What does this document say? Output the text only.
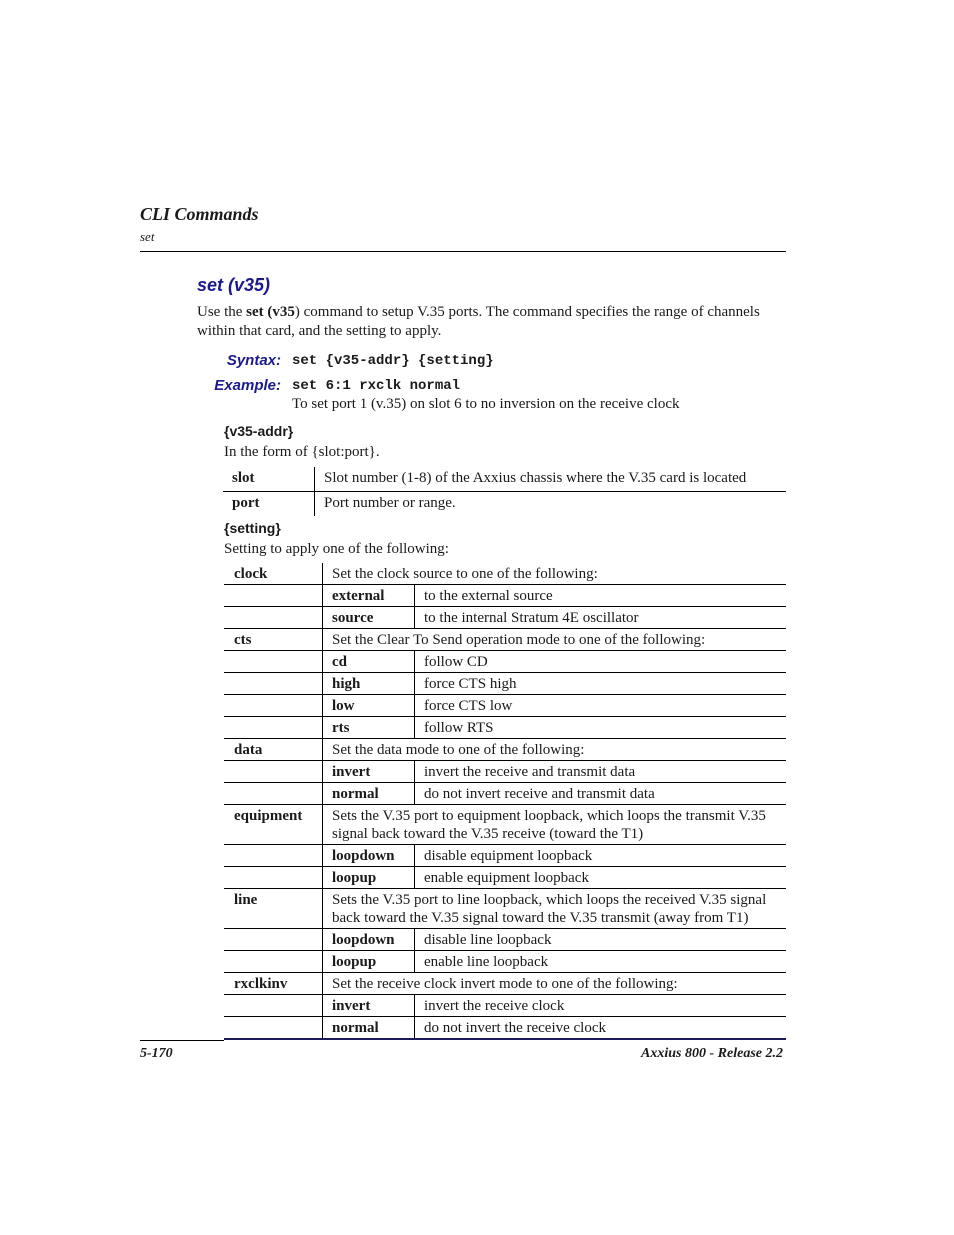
CLI Commands
set
set (v35)
Use the set (v35) command to setup V.35 ports. The command specifies the range of channels within that card, and the setting to apply.
Syntax: set {v35-addr} {setting}
Example: set 6:1 rxclk normal
To set port 1 (v.35) on slot 6 to no inversion on the receive clock
{v35-addr}
In the form of {slot:port}.
slot	Slot number (1-8) of the Axxius chassis where the V.35 card is located
port	Port number or range.
{setting}
Setting to apply one of the following:
clock	Set the clock source to one of the following:	
	external	to the external source
	source	to the internal Stratum 4E oscillator
cts	Set the Clear To Send operation mode to one of the following:	
	cd	follow CD
	high	force CTS high
	low	force CTS low
	rts	follow RTS
data	Set the data mode to one of the following:	
	invert	invert the receive and transmit data
	normal	do not invert receive and transmit data
equipment	Sets the V.35 port to equipment loopback, which loops the transmit V.35 signal back toward the V.35 receive (toward the T1)	
	loopdown	disable equipment loopback
	loopup	enable equipment loopback
line	Sets the V.35 port to line loopback, which loops the received V.35 signal back toward the V.35 signal toward the V.35 transmit (away from T1)	
	loopdown	disable line loopback
	loopup	enable line loopback
rxclkinv	Set the receive clock invert mode to one of the following:	
	invert	invert the receive clock
	normal	do not invert the receive clock
5-170	Axxius 800 - Release 2.2
